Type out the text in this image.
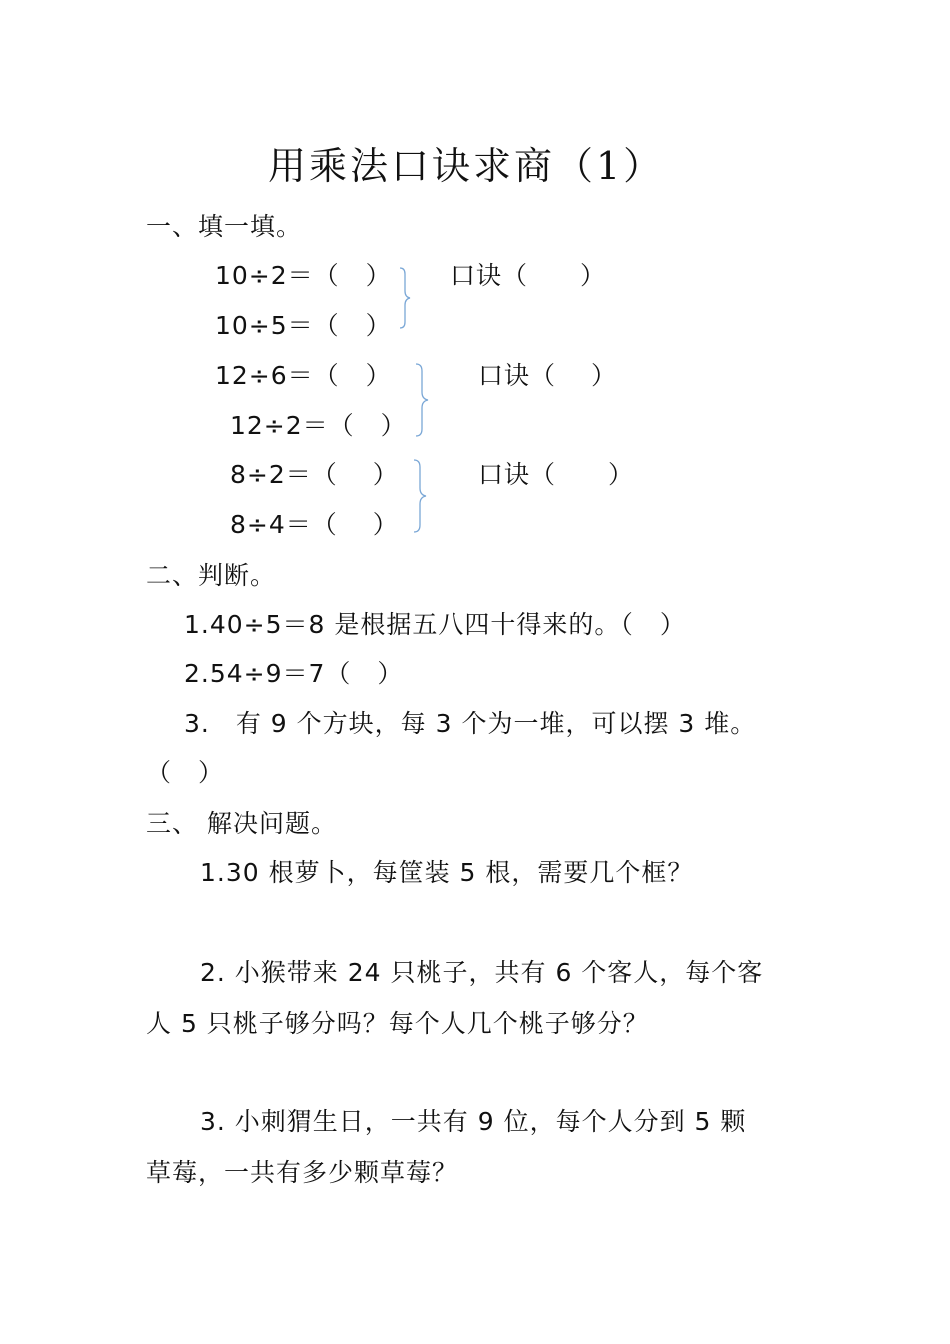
用乘法口诀求商（1）
一、填一填。
10÷2＝（　）
10÷5＝（　）
口诀（　　）
12÷6＝（　）
12÷2＝（　）
口诀（　 ）
8÷2＝（　 ）
8÷4＝（　 ）
口诀（　　）
二、判断。
1.40÷5＝8 是根据五八四十得来的。（　）
2.54÷9＝7（　）
3.　有 9 个方块，每 3 个为一堆，可以摆 3 堆。
（　）
三、 解决问题。
1.30 根萝卜，每筐装 5 根，需要几个框？
2. 小猴带来 24 只桃子，共有 6 个客人，每个客
人 5 只桃子够分吗？每个人几个桃子够分？
3. 小刺猬生日，一共有 9 位，每个人分到 5 颗
草莓，一共有多少颗草莓？
